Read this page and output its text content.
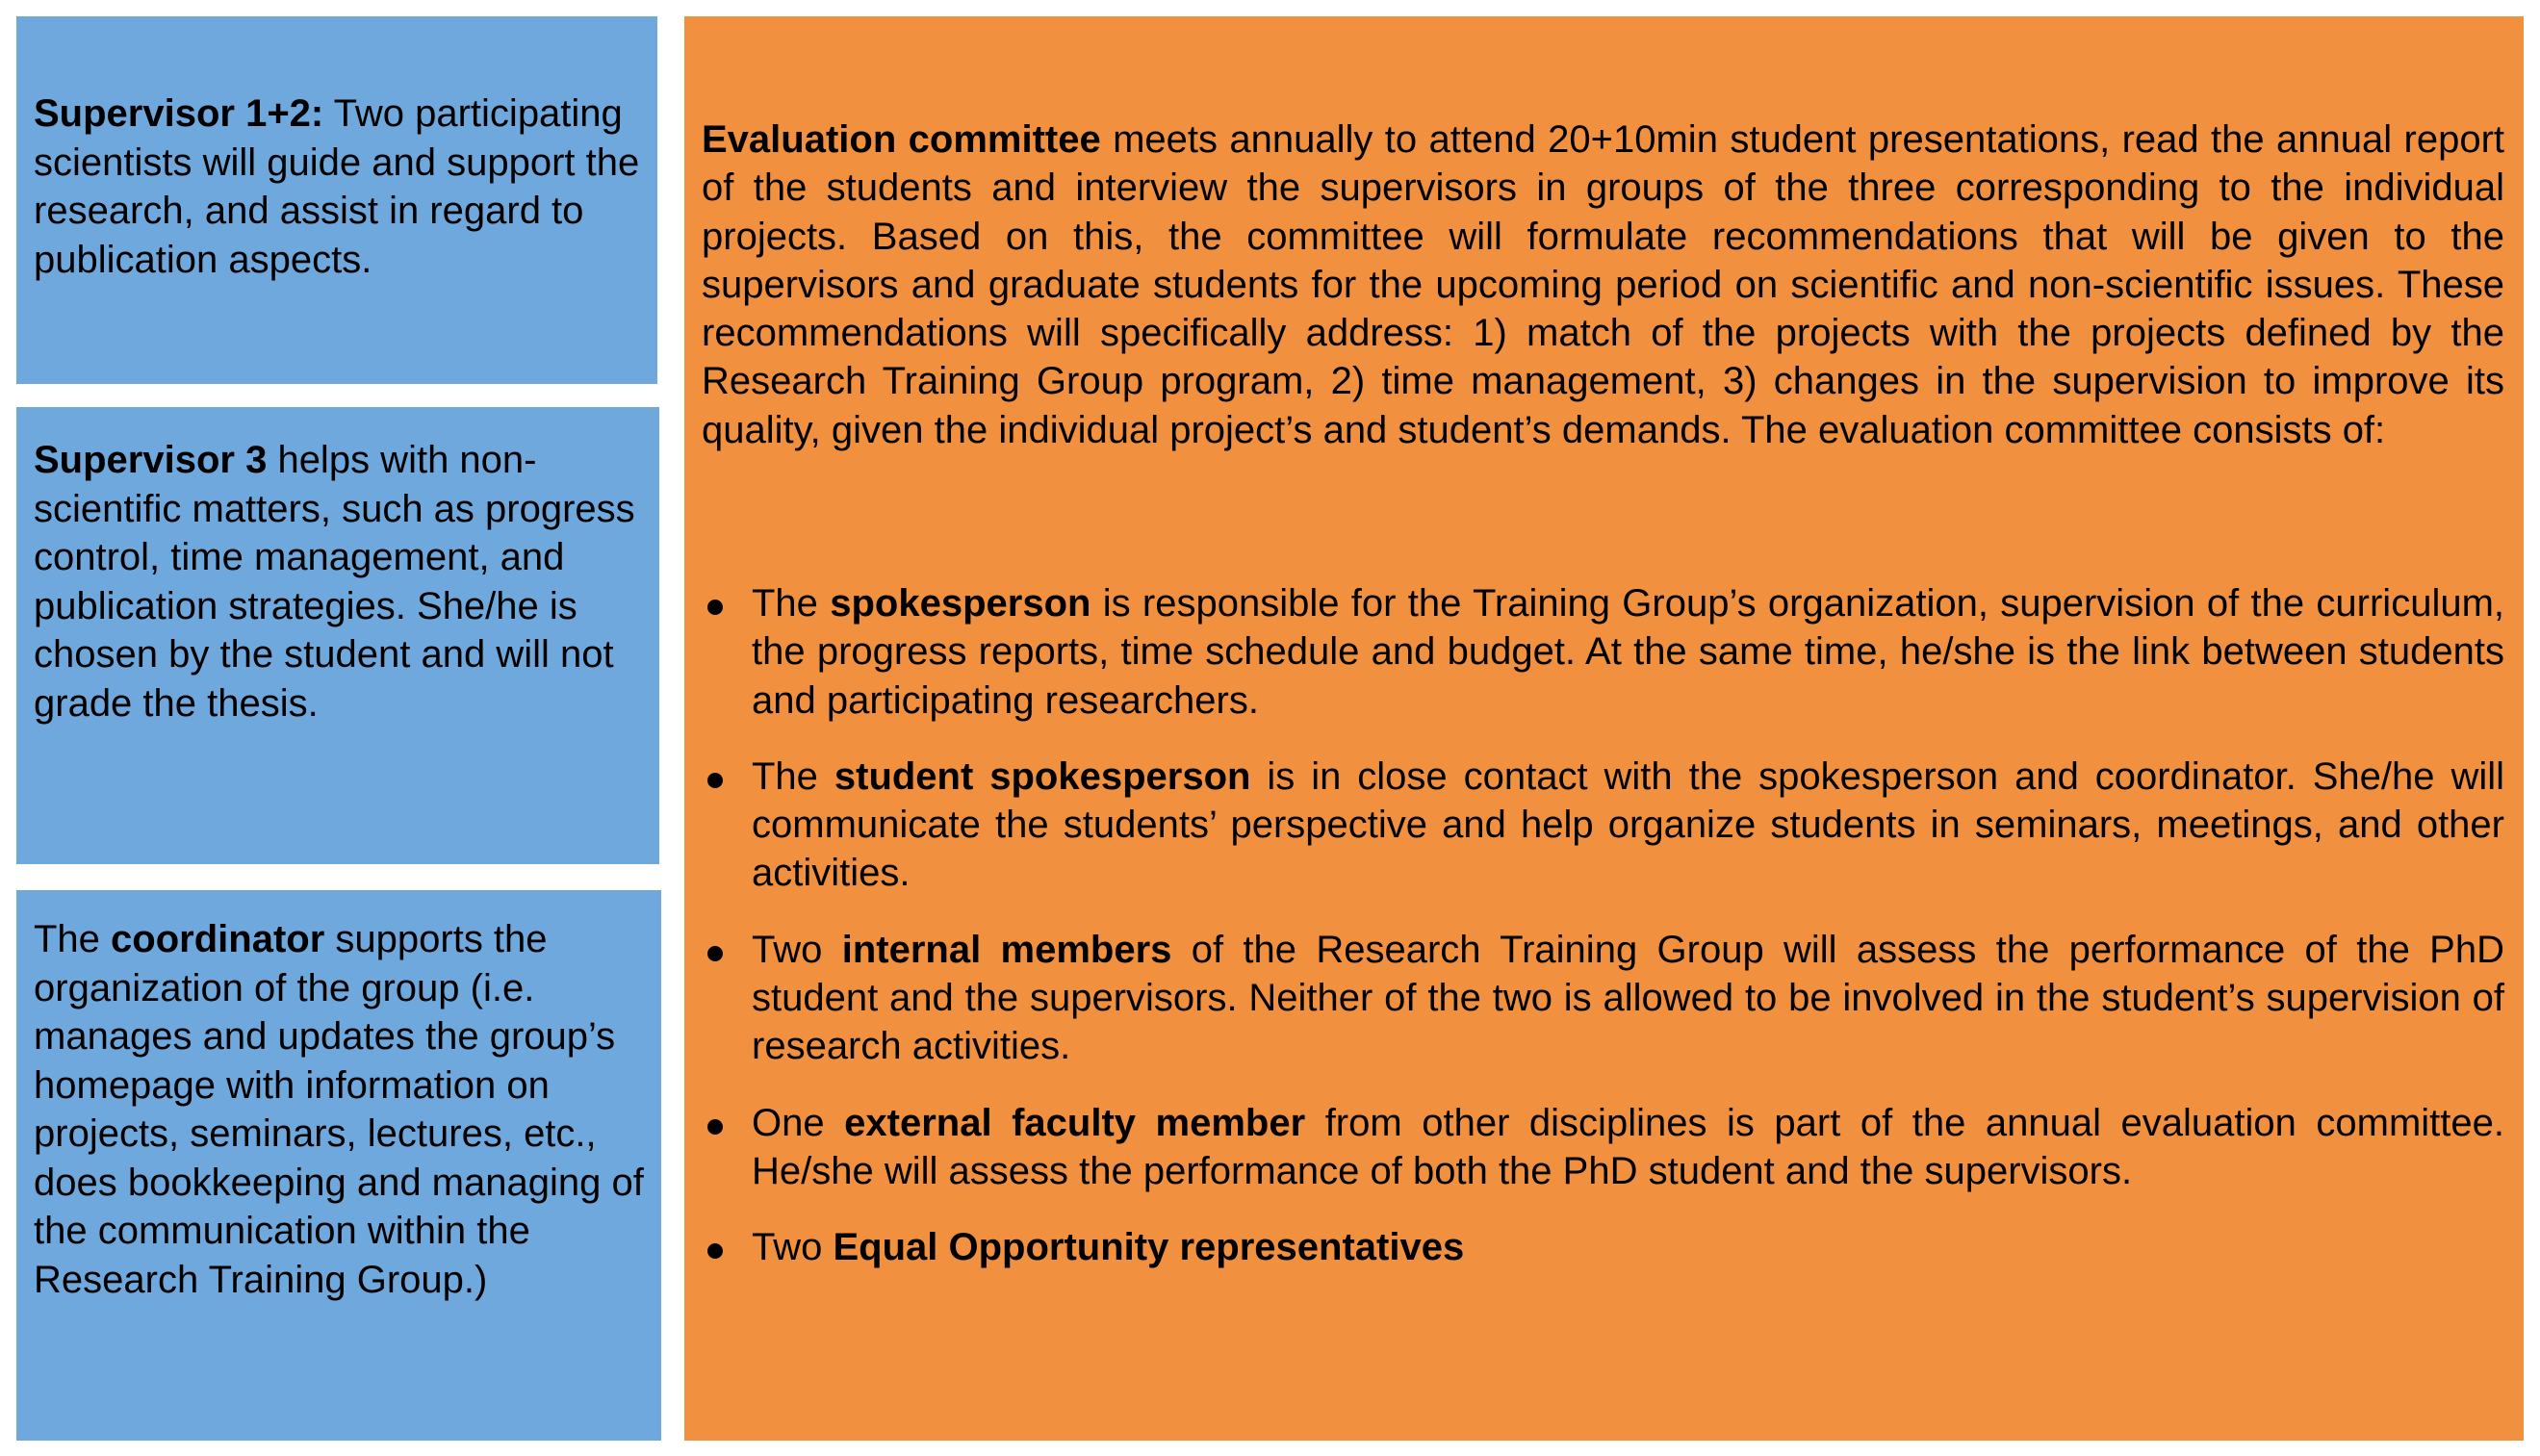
Supervisor 1+2: Two participating scientists will guide and support the research, and assist in regard to publication aspects.
Supervisor 3 helps with non-scientific matters, such as progress control, time management, and publication strategies. She/he is chosen by the student and will not grade the thesis.
The coordinator supports the organization of the group (i.e. manages and updates the group’s homepage with information on projects, seminars, lectures, etc., does bookkeeping and managing of the communication within the Research Training Group.)
Evaluation committee meets annually to attend 20+10min student presentations, read the annual report of the students and interview the supervisors in groups of the three corresponding to the individual projects. Based on this, the committee will formulate recommendations that will be given to the supervisors and graduate students for the upcoming period on scientific and non-scientific issues. These recommendations will specifically address: 1) match of the projects with the projects defined by the Research Training Group program, 2) time management, 3) changes in the supervision to improve its quality, given the individual project’s and student’s demands. The evaluation committee consists of:
The spokesperson is responsible for the Training Group’s organization, supervision of the curriculum, the progress reports, time schedule and budget. At the same time, he/she is the link between students and participating researchers.
The student spokesperson is in close contact with the spokesperson and coordinator. She/he will communicate the students’ perspective and help organize students in seminars, meetings, and other activities.
Two internal members of the Research Training Group will assess the performance of the PhD student and the supervisors. Neither of the two is allowed to be involved in the student’s supervision of research activities.
One external faculty member from other disciplines is part of the annual evaluation committee. He/she will assess the performance of both the PhD student and the supervisors.
Two Equal Opportunity representatives
